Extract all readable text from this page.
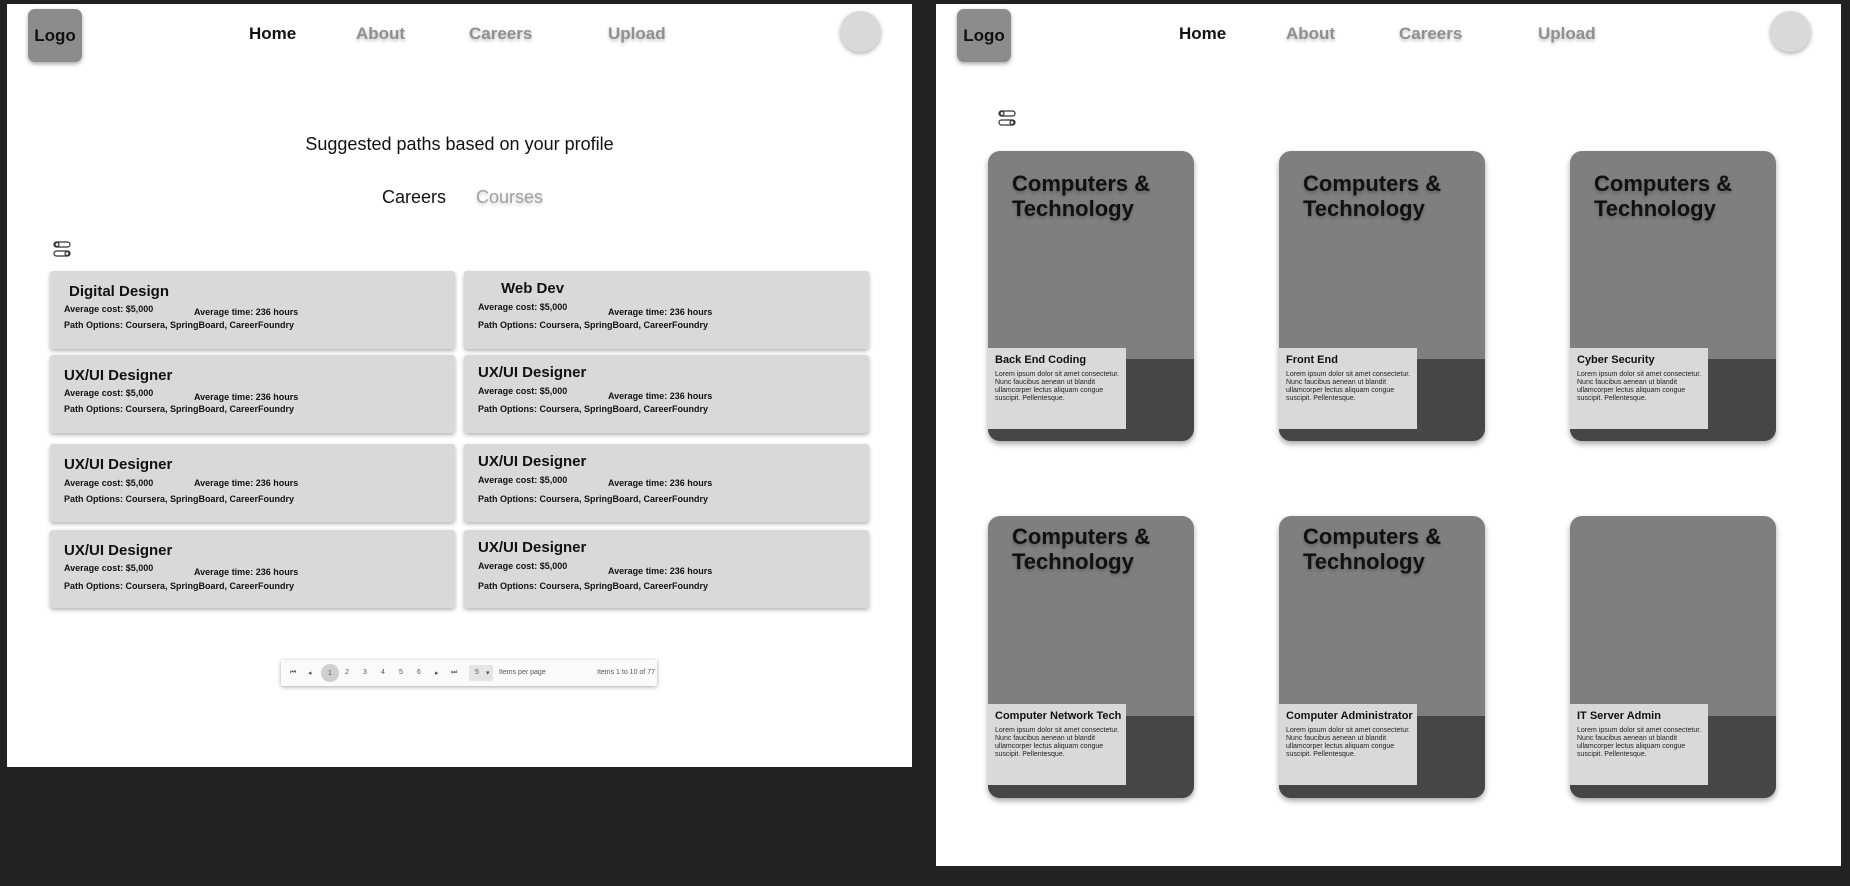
Logo	Home	About	Careers	Upload
Suggested paths based on your profile
Careers Courses
Digital Design
Average cost: $5,000	Average time: 236 hours
Path Options: Coursera, SpringBoard, CareerFoundry
Web Dev
Average cost: $5,000	Average time: 236 hours
Path Options: Coursera, SpringBoard, CareerFoundry
UX/UI Designer
Average cost: $5,000	Average time: 236 hours
Path Options: Coursera, SpringBoard, CareerFoundry
UX/UI Designer
Average cost: $5,000	Average time: 236 hours
Path Options: Coursera, SpringBoard, CareerFoundry
UX/UI Designer
Average cost: $5,000	Average time: 236 hours
Path Options: Coursera, SpringBoard, CareerFoundry
UX/UI Designer
Average cost: $5,000	Average time: 236 hours
Path Options: Coursera, SpringBoard, CareerFoundry
UX/UI Designer
Average cost: $5,000	Average time: 236 hours
Path Options: Coursera, SpringBoard, CareerFoundry
UX/UI Designer
Average cost: $5,000	Average time: 236 hours
Path Options: Coursera, SpringBoard, CareerFoundry
⏮ ◂	1	2 3 4 5 6 ▸ ⏭	5 ▾ Items per page	Items 1 to 10 of 77
Logo	Home	About	Careers	Upload
Computers & Technology
Back End Coding
Lorem ipsum dolor sit amet consectetur. Nunc faucibus aenean ut blandit ullamcorper lectus aliquam congue suscipit. Pellentesque.
Computers & Technology
Front End
Lorem ipsum dolor sit amet consectetur. Nunc faucibus aenean ut blandit ullamcorper lectus aliquam congue suscipit. Pellentesque.
Computers & Technology
Cyber Security
Lorem ipsum dolor sit amet consectetur. Nunc faucibus aenean ut blandit ullamcorper lectus aliquam congue suscipit. Pellentesque.
Computers & Technology
Computer Network Tech
Lorem ipsum dolor sit amet consectetur. Nunc faucibus aenean ut blandit ullamcorper lectus aliquam congue suscipit. Pellentesque.
Computers & Technology
Computer Administrator
Lorem ipsum dolor sit amet consectetur. Nunc faucibus aenean ut blandit ullamcorper lectus aliquam congue suscipit. Pellentesque.
IT Server Admin
Lorem ipsum dolor sit amet consectetur. Nunc faucibus aenean ut blandit ullamcorper lectus aliquam congue suscipit. Pellentesque.
